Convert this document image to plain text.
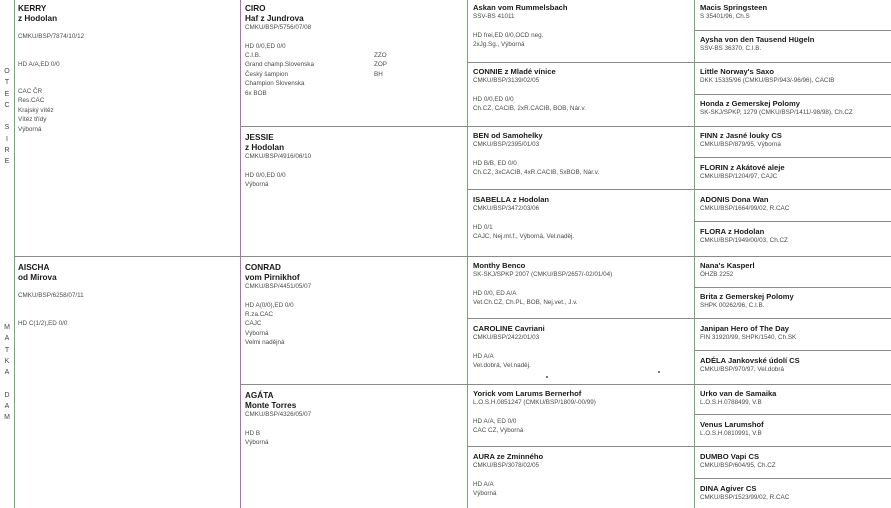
O
T
E
C

S
I
R
E
M
A
T
K
A

D
A
M
KERRY
z Hodolan
CMKU/BSP/7874/10/12
HD A/A,ED 0/0
CAC ČR
Res.CAC
Krajský vítěz
Vítěz třídy
Výborná
AISCHA
od Mirova
CMKU/BSP/6258/07/11
HD C(1/2),ED 0/0
CIRO
Haf z Jundrova
CMKU/BSP/5756/07/08
HD 0/0,ED 0/0
C.I.B.	ZZO
Grand champ.Slovenska	ZOP
Český šampion	BH
Champion Slovenska
6x BOB
JESSIE
z Hodolan
CMKU/BSP/4916/06/10
HD 0/0,ED 0/0
Výborná
CONRAD
vom Pirnikhof
CMKU/BSP/4451/05/07
HD A(0/0),ED 0/0
R.za.CAC
CAJC
Výborná
Velmi nadějná
AGÁTA
Monte Torres
CMKU/BSP/4326/05/07
HD B
Výborná
Askan vom Rummelsbach
SSV-BS 41011
HD frei,ED 0/0,OCD neg.
2xJg.Sg., Výborná
CONNIE z Mladé vínice
CMKU/BSP/3139/02/05
HD 0/0,ED 0/0
Ch.CZ, CACIB, 2xR.CACIB, BOB, Nár.v.
BEN od Samohelky
CMKU/BSP/2395/01/03
HD B/B, ED 0/0
Ch.CZ, 3xCACIB, 4xR.CACIB, 5xBOB, Nár.v.
ISABELLA z Hodolan
CMKU/BSP/3472/03/06
HD 0/1
CAJC, Nej.ml.f., Výborná, Vel.naděj.
Monthy Benco
SK-SKJ/SPKP 2007 (CMKU/BSP/2657/-02/01/04)
HD 0/0, ED A/A
Vet.Ch.CZ, Ch.PL, BOB, Nej.vet., J.v.
CAROLINE Cavriani
CMKU/BSP/2422/01/03
HD A/A
Vel.dobrá, Vel.naděj.
Yorick vom Larums Bernerhof
L.O.S.H.0851247 (CMKU/BSP/1809/-00/99)
HD A/A, ED 0/0
CAC CZ, Výborná
AURA ze Zminného
CMKU/BSP/3078/02/05
HD A/A
Výborná
Macis Springsteen
S 35401/96, Ch.S
Aysha von den Tausend Hügeln
SSV-BS 36370, C.I.B.
Little Norway's Saxo
DKK 15335/96 (CMKU/BSP/943/-96/96), CACIB
Honda z Gemerskej Polomy
SK-SKJ/SPKP, 1279 (CMKU/BSP/1411/-98/98), Ch.CZ
FINN z Jasné louky CS
CMKU/BSP/879/95, Výborná
FLORIN z Akátové aleje
CMKU/BSP/1204/97, CAJC
ADONIS Dona Wan
CMKU/BSP/1664/99/02, R.CAC
FLORA z Hodolan
CMKU/BSP/1949/00/03, Ch.CZ
Nana's Kasperl
ÖHZB 2252
Brita z Gemerskej Polomy
SHPK 00262/96, C.I.B.
Janipan Hero of The Day
FIN 31920/99, SHPK/1540, Ch.SK
ADÉLA Jankovské údolí CS
CMKU/BSP/970/97, Vel.dobrá
Urko van de Samaika
L.O.S.H.0788499, V.B
Venus Larumshof
L.O.S.H.0810991, V.B
DUMBO Vapi CS
CMKU/BSP/604/95, Ch.CZ
DINA Agiver CS
CMKU/BSP/1523/99/02, R.CAC
